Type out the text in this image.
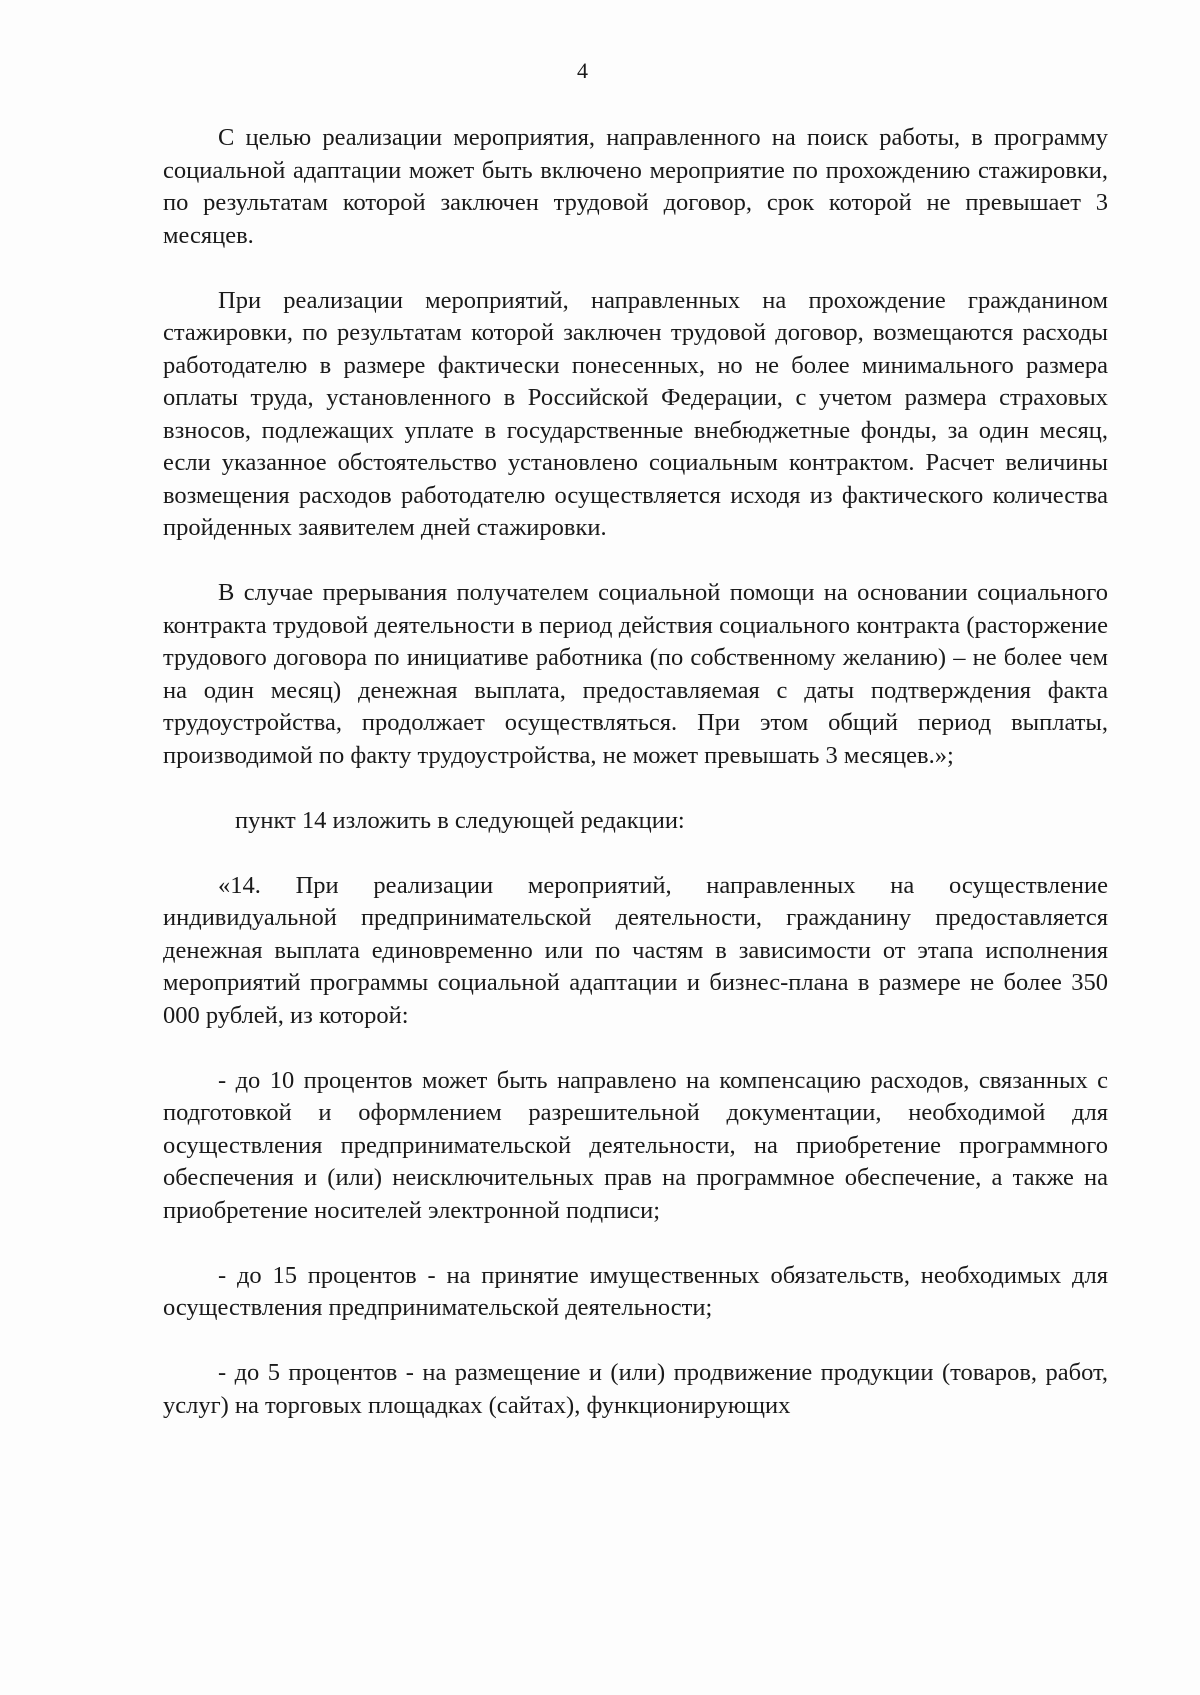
4

С целью реализации мероприятия, направленного на поиск работы, в программу социальной адаптации может быть включено мероприятие по прохождению стажировки, по результатам которой заключен трудовой договор, срок которой не превышает 3 месяцев.

При реализации мероприятий, направленных на прохождение гражданином стажировки, по результатам которой заключен трудовой договор, возмещаются расходы работодателю в размере фактически понесенных, но не более минимального размера оплаты труда, установленного в Российской Федерации, с учетом размера страховых взносов, подлежащих уплате в государственные внебюджетные фонды, за один месяц, если указанное обстоятельство установлено социальным контрактом. Расчет величины возмещения расходов работодателю осуществляется исходя из фактического количества пройденных заявителем дней стажировки.

В случае прерывания получателем социальной помощи на основании социального контракта трудовой деятельности в период действия социального контракта (расторжение трудового договора по инициативе работника (по собственному желанию) – не более чем на один месяц) денежная выплата, предоставляемая с даты подтверждения факта трудоустройства, продолжает осуществляться. При этом общий период выплаты, производимой по факту трудоустройства, не может превышать 3 месяцев.»;

пункт 14 изложить в следующей редакции:

«14. При реализации мероприятий, направленных на осуществление индивидуальной предпринимательской деятельности, гражданину предоставляется денежная выплата единовременно или по частям в зависимости от этапа исполнения мероприятий программы социальной адаптации и бизнес-плана в размере не более 350 000 рублей, из которой:

- до 10 процентов может быть направлено на компенсацию расходов, связанных с подготовкой и оформлением разрешительной документации, необходимой для осуществления предпринимательской деятельности, на приобретение программного обеспечения и (или) неисключительных прав на программное обеспечение, а также на приобретение носителей электронной подписи;

- до 15 процентов - на принятие имущественных обязательств, необходимых для осуществления предпринимательской деятельности;

- до 5 процентов - на размещение и (или) продвижение продукции (товаров, работ, услуг) на торговых площадках (сайтах), функционирующих
